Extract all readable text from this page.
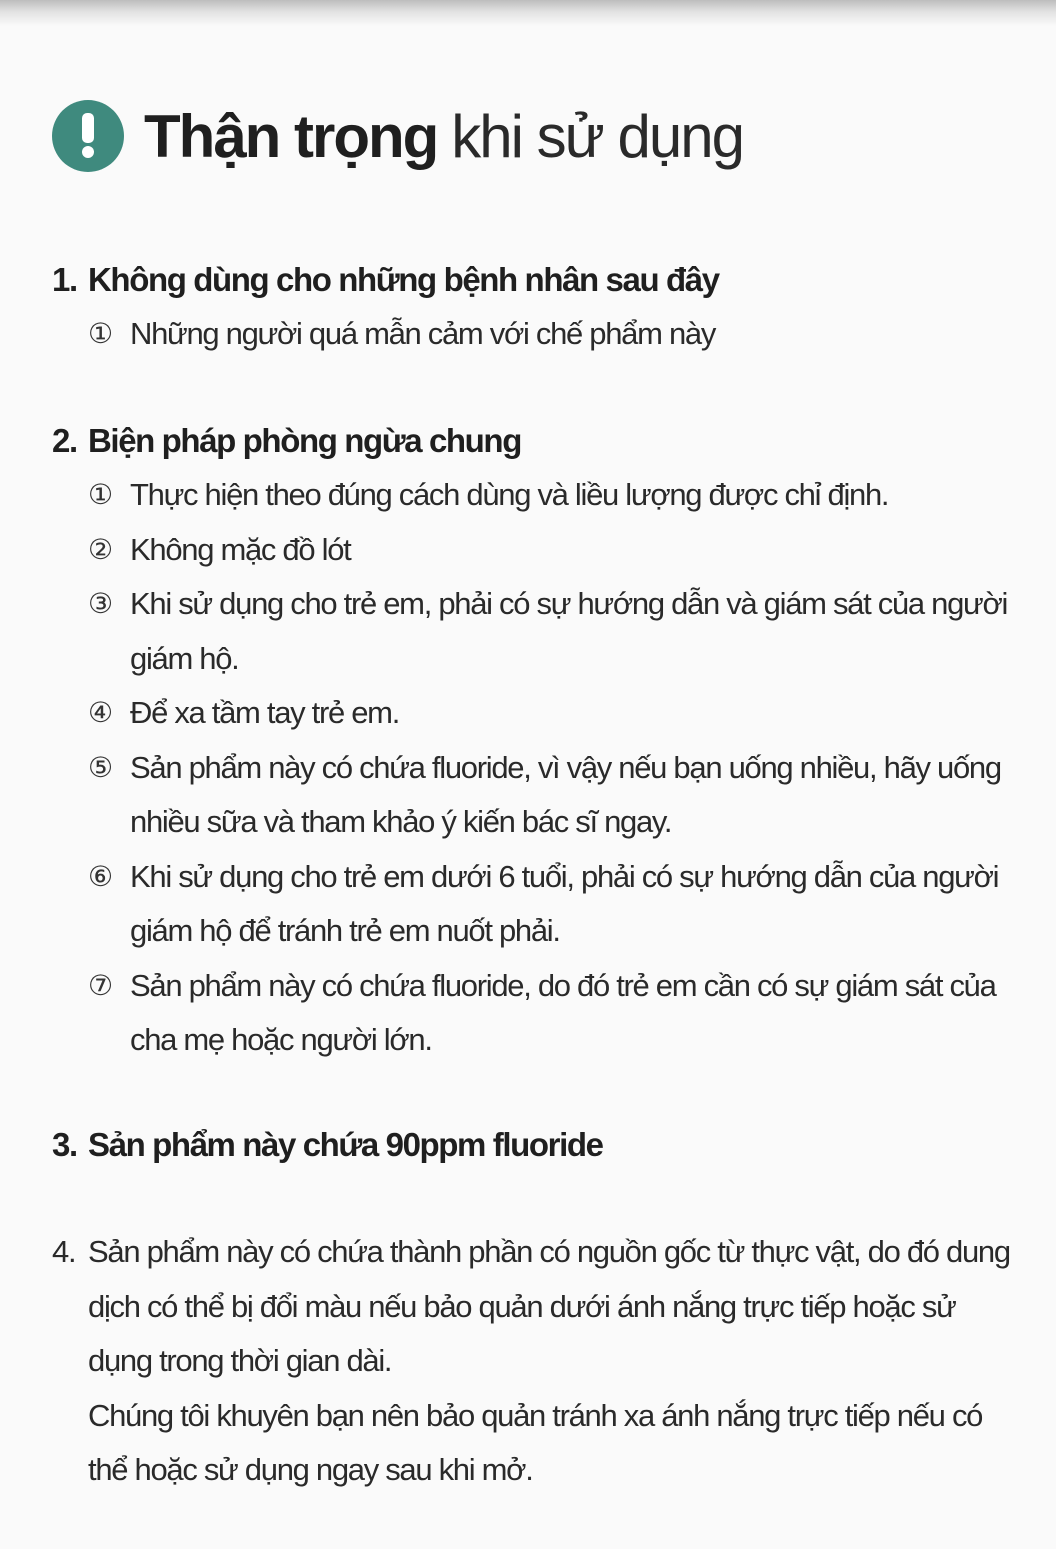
Thận trọng khi sử dụng
1. Không dùng cho những bệnh nhân sau đây
① Những người quá mẫn cảm với chế phẩm này
2. Biện pháp phòng ngừa chung
① Thực hiện theo đúng cách dùng và liều lượng được chỉ định.
② Không mặc đồ lót
③ Khi sử dụng cho trẻ em, phải có sự hướng dẫn và giám sát của người giám hộ.
④ Để xa tầm tay trẻ em.
⑤ Sản phẩm này có chứa fluoride, vì vậy nếu bạn uống nhiều, hãy uống nhiều sữa và tham khảo ý kiến bác sĩ ngay.
⑥ Khi sử dụng cho trẻ em dưới 6 tuổi, phải có sự hướng dẫn của người giám hộ để tránh trẻ em nuốt phải.
⑦ Sản phẩm này có chứa fluoride, do đó trẻ em cần có sự giám sát của cha mẹ hoặc người lớn.
3. Sản phẩm này chứa 90ppm fluoride
4. Sản phẩm này có chứa thành phần có nguồn gốc từ thực vật, do đó dung dịch có thể bị đổi màu nếu bảo quản dưới ánh nắng trực tiếp hoặc sử dụng trong thời gian dài.
Chúng tôi khuyên bạn nên bảo quản tránh xa ánh nắng trực tiếp nếu có thể hoặc sử dụng ngay sau khi mở.
